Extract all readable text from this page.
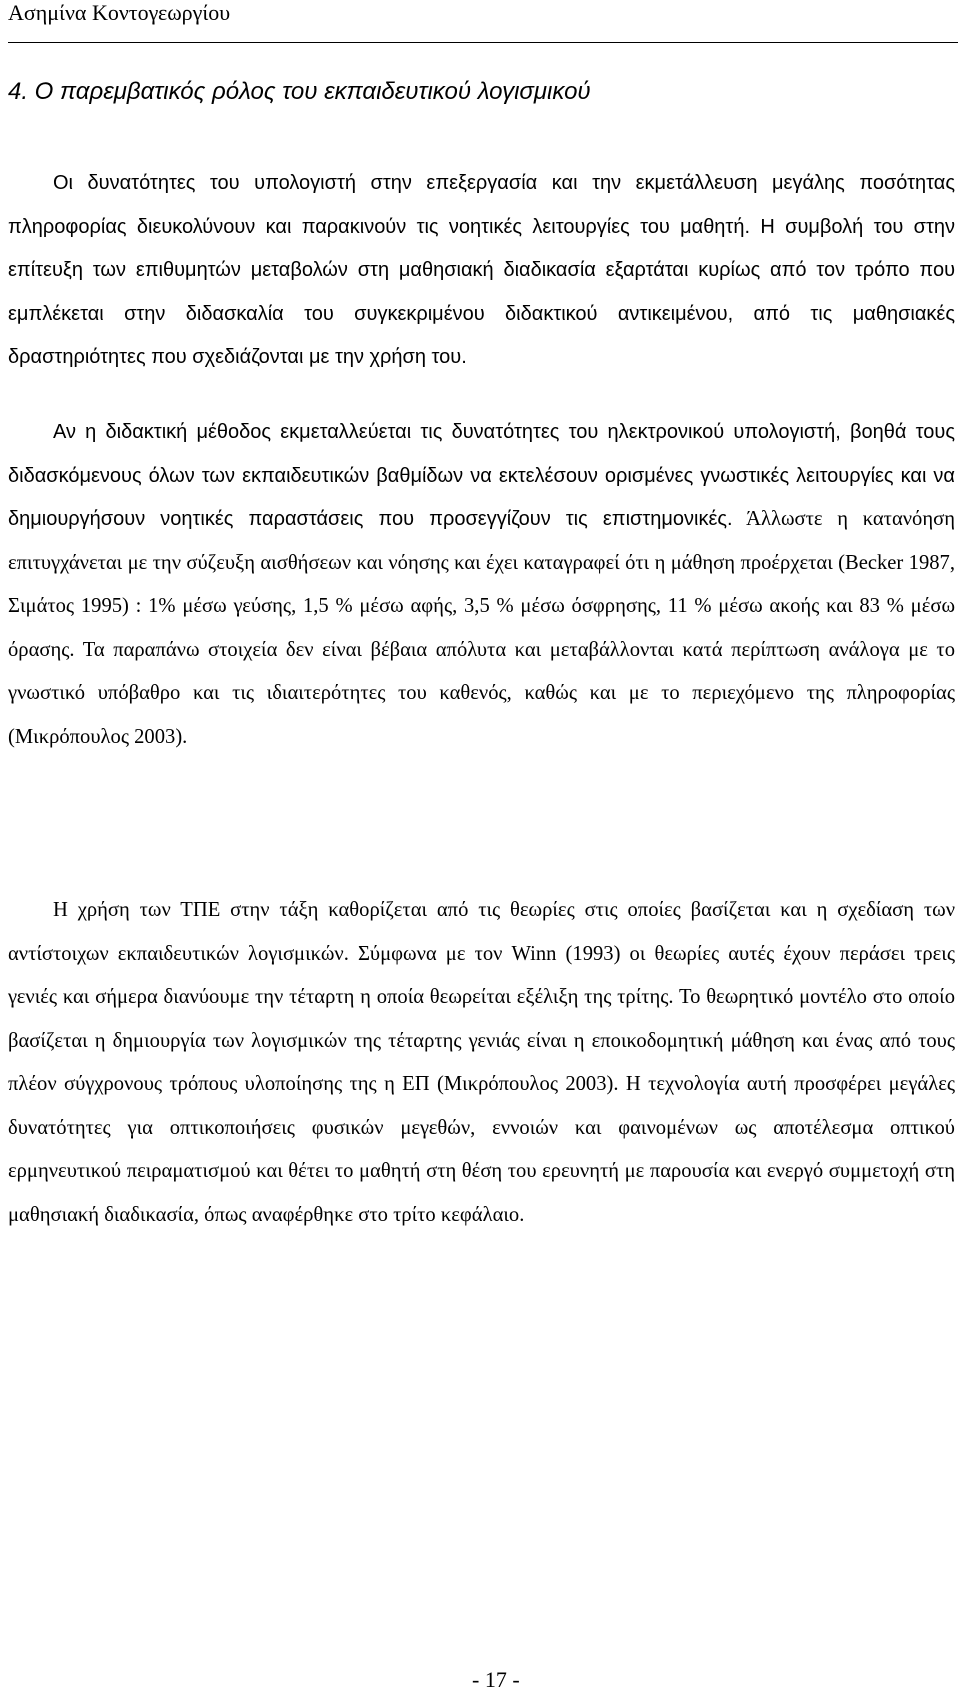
Ασημίνα Κοντογεωργίου
4. Ο παρεμβατικός ρόλος του εκπαιδευτικού λογισμικού

Οι δυνατότητες του υπολογιστή στην επεξεργασία και την εκμετάλλευση μεγάλης ποσότητας πληροφορίας διευκολύνουν και παρακινούν τις νοητικές λειτουργίες του μαθητή. Η συμβολή του στην επίτευξη των επιθυμητών μεταβολών στη μαθησιακή διαδικασία εξαρτάται κυρίως από τον τρόπο που εμπλέκεται στην διδασκαλία του συγκεκριμένου διδακτικού αντικειμένου, από τις μαθησιακές δραστηριότητες που σχεδιάζονται με την χρήση του.

Αν η διδακτική μέθοδος εκμεταλλεύεται τις δυνατότητες του ηλεκτρονικού υπολογιστή, βοηθά τους διδασκόμενους όλων των εκπαιδευτικών βαθμίδων να εκτελέσουν ορισμένες γνωστικές λειτουργίες και να δημιουργήσουν νοητικές παραστάσεις που προσεγγίζουν τις επιστημονικές. Άλλωστε η κατανόηση επιτυγχάνεται με την σύζευξη αισθήσεων και νόησης και έχει καταγραφεί ότι η μάθηση προέρχεται (Becker 1987, Σιμάτος 1995) : 1% μέσω γεύσης, 1,5 % μέσω αφής, 3,5 % μέσω όσφρησης, 11 % μέσω ακοής και 83 % μέσω όρασης. Τα παραπάνω στοιχεία δεν είναι βέβαια απόλυτα και μεταβάλλονται κατά περίπτωση ανάλογα με το γνωστικό υπόβαθρο και τις ιδιαιτερότητες του καθενός, καθώς και με το περιεχόμενο της πληροφορίας (Μικρόπουλος 2003).

Η χρήση των ΤΠΕ στην τάξη καθορίζεται από τις θεωρίες στις οποίες βασίζεται και η σχεδίαση των αντίστοιχων εκπαιδευτικών λογισμικών. Σύμφωνα με τον Winn (1993) οι θεωρίες αυτές έχουν περάσει τρεις γενιές και σήμερα διανύουμε την τέταρτη η οποία θεωρείται εξέλιξη της τρίτης. Το θεωρητικό μοντέλο στο οποίο βασίζεται η δημιουργία των λογισμικών της τέταρτης γενιάς είναι η εποικοδομητική μάθηση και ένας από τους πλέον σύγχρονους τρόπους υλοποίησης της η ΕΠ (Μικρόπουλος 2003). Η τεχνολογία αυτή προσφέρει μεγάλες δυνατότητες για οπτικοποιήσεις φυσικών μεγεθών, εννοιών και φαινομένων ως αποτέλεσμα οπτικού ερμηνευτικού πειραματισμού και θέτει το μαθητή στη θέση του ερευνητή με παρουσία και ενεργό συμμετοχή στη μαθησιακή διαδικασία, όπως αναφέρθηκε στο τρίτο κεφάλαιο.

- 17 -
